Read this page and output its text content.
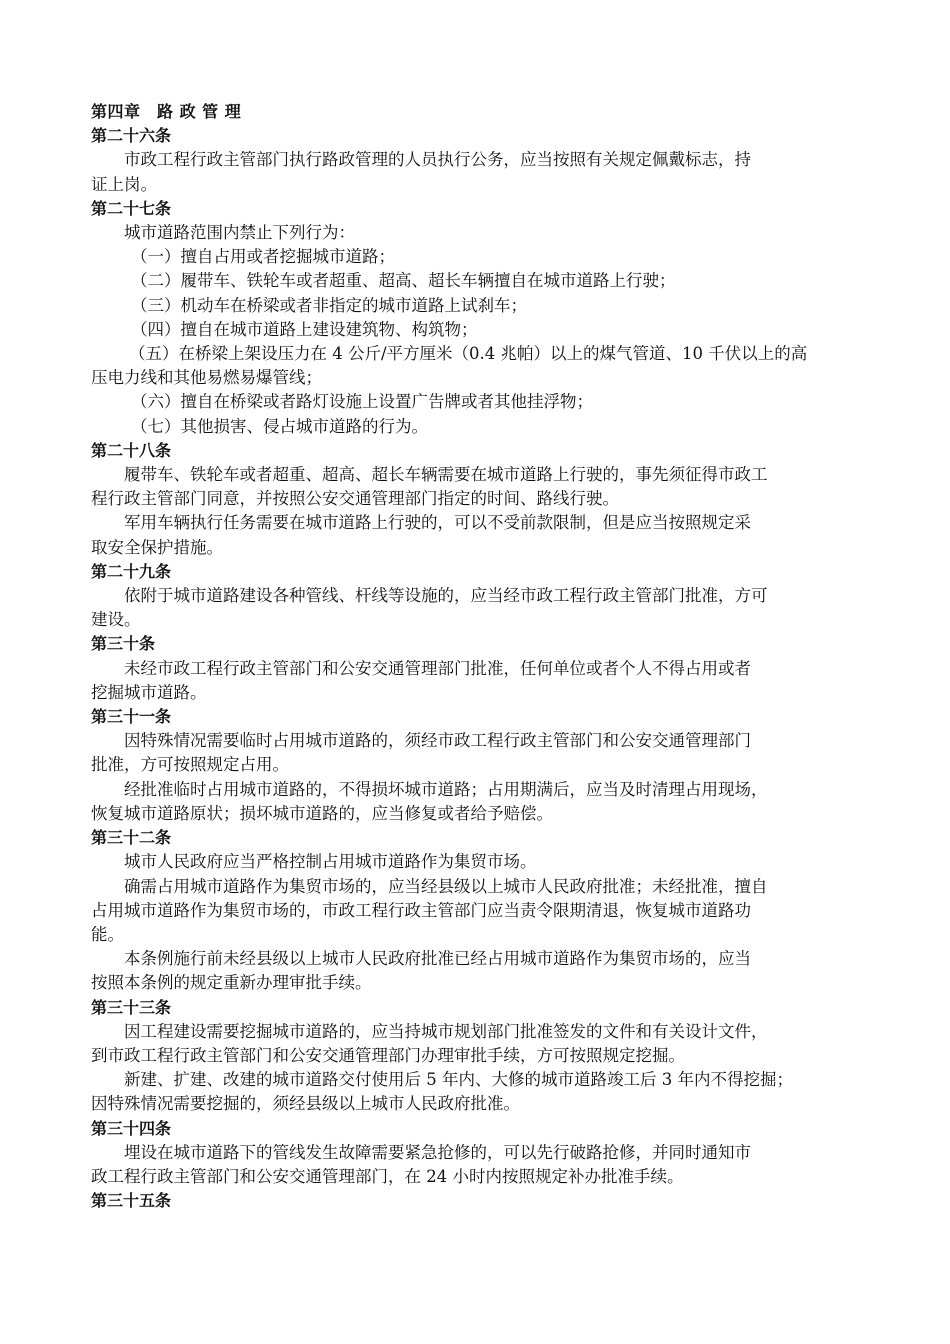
第四章　路 政 管 理
第二十六条
市政工程行政主管部门执行路政管理的人员执行公务，应当按照有关规定佩戴标志，持
证上岗。
第二十七条
城市道路范围内禁止下列行为：
（一）擅自占用或者挖掘城市道路；
（二）履带车、铁轮车或者超重、超高、超长车辆擅自在城市道路上行驶；
（三）机动车在桥梁或者非指定的城市道路上试刹车；
（四）擅自在城市道路上建设建筑物、构筑物；
（五）在桥梁上架设压力在 4 公斤/平方厘米（0.4 兆帕）以上的煤气管道、10 千伏以上的高
压电力线和其他易燃易爆管线；
（六）擅自在桥梁或者路灯设施上设置广告牌或者其他挂浮物；
（七）其他损害、侵占城市道路的行为。
第二十八条
履带车、铁轮车或者超重、超高、超长车辆需要在城市道路上行驶的，事先须征得市政工
程行政主管部门同意，并按照公安交通管理部门指定的时间、路线行驶。
军用车辆执行任务需要在城市道路上行驶的，可以不受前款限制，但是应当按照规定采
取安全保护措施。
第二十九条
依附于城市道路建设各种管线、杆线等设施的，应当经市政工程行政主管部门批准，方可
建设。
第三十条
未经市政工程行政主管部门和公安交通管理部门批准，任何单位或者个人不得占用或者
挖掘城市道路。
第三十一条
因特殊情况需要临时占用城市道路的，须经市政工程行政主管部门和公安交通管理部门
批准，方可按照规定占用。
经批准临时占用城市道路的，不得损坏城市道路；占用期满后，应当及时清理占用现场，
恢复城市道路原状；损坏城市道路的，应当修复或者给予赔偿。
第三十二条
城市人民政府应当严格控制占用城市道路作为集贸市场。
确需占用城市道路作为集贸市场的，应当经县级以上城市人民政府批准；未经批准，擅自
占用城市道路作为集贸市场的，市政工程行政主管部门应当责令限期清退，恢复城市道路功
能。
本条例施行前未经县级以上城市人民政府批准已经占用城市道路作为集贸市场的，应当
按照本条例的规定重新办理审批手续。
第三十三条
因工程建设需要挖掘城市道路的，应当持城市规划部门批准签发的文件和有关设计文件，
到市政工程行政主管部门和公安交通管理部门办理审批手续，方可按照规定挖掘。
新建、扩建、改建的城市道路交付使用后 5 年内、大修的城市道路竣工后 3 年内不得挖掘；
因特殊情况需要挖掘的，须经县级以上城市人民政府批准。
第三十四条
埋设在城市道路下的管线发生故障需要紧急抢修的，可以先行破路抢修，并同时通知市
政工程行政主管部门和公安交通管理部门，在 24 小时内按照规定补办批准手续。
第三十五条
